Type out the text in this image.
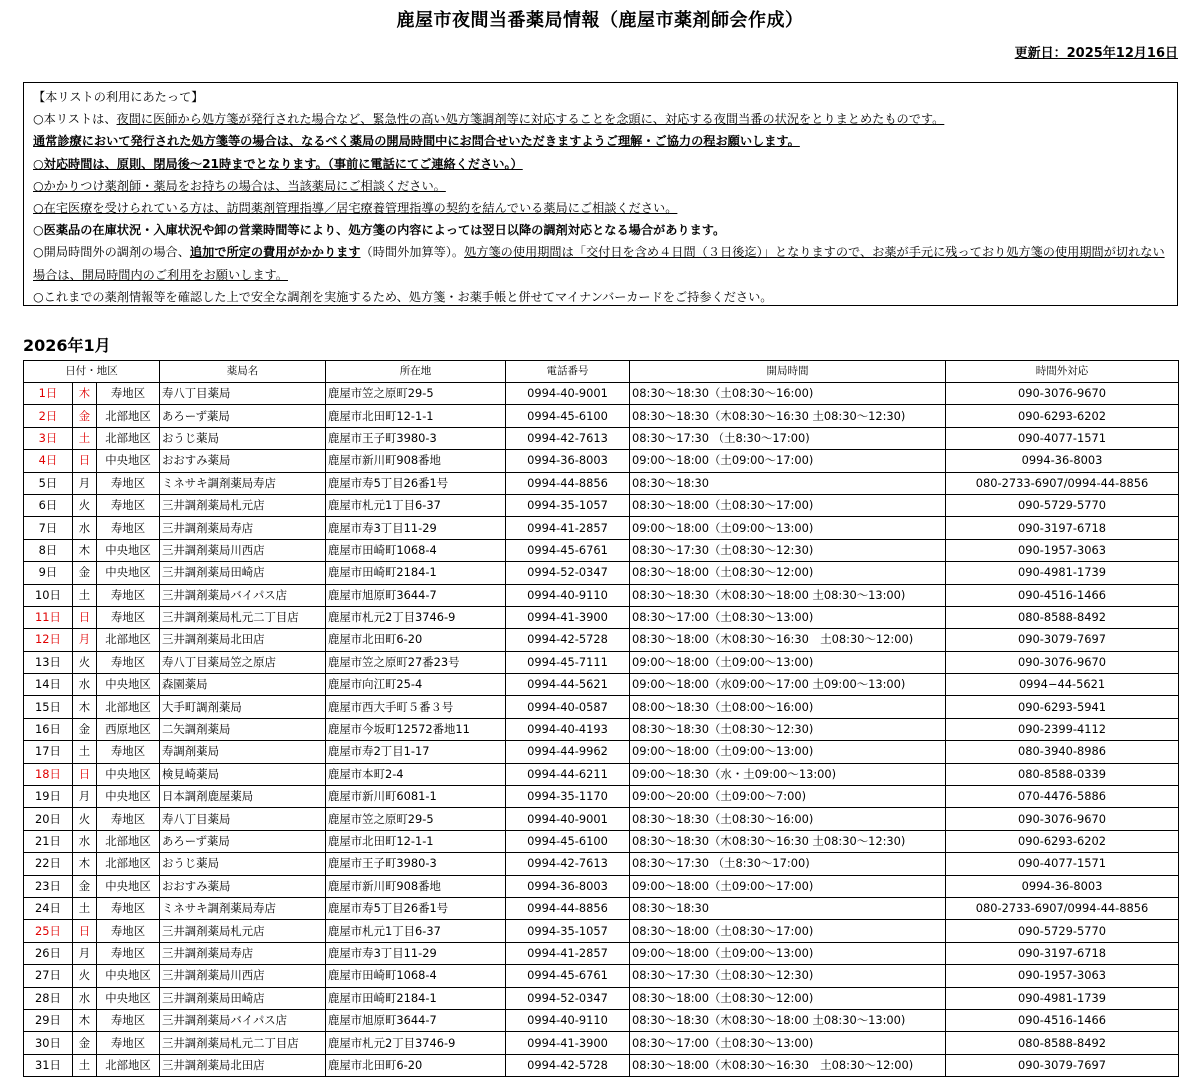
鹿屋市夜間当番薬局情報（鹿屋市薬剤師会作成）
更新日：2025年12月16日

【本リストの利用にあたって】

○本リストは、夜間に医師から処方箋が発行された場合など、緊急性の高い処方箋調剤等に対応することを念頭に、対応する夜間当番の状況をとりまとめたものです。

通常診療において発行された処方箋等の場合は、なるべく薬局の開局時間中にお問合せいただきますようご理解・ご協力の程お願いします。

○対応時間は、原則、閉局後～21時までとなります。（事前に電話にてご連絡ください。）

○かかりつけ薬剤師・薬局をお持ちの場合は、当該薬局にご相談ください。

○在宅医療を受けられている方は、訪問薬剤管理指導／居宅療養管理指導の契約を結んでいる薬局にご相談ください。

○医薬品の在庫状況・入庫状況や卸の営業時間等により、処方箋の内容によっては翌日以降の調剤対応となる場合があります。

○開局時間外の調剤の場合、追加で所定の費用がかかります（時間外加算等）。処方箋の使用期間は「交付日を含め４日間（３日後迄）」となりますので、お薬が手元に残っており処方箋の使用期間が切れない場合は、開局時間内のご利用をお願いします。

○これまでの薬剤情報等を確認した上で安全な調剤を実施するため、処方箋・お薬手帳と併せてマイナンバーカードをご持参ください。

2026年1月
日付・地区			薬局名	所在地	電話番号	開局時間	時間外対応
1日	木	寿地区	寿八丁目薬局	鹿屋市笠之原町29-5	0994-40-9001	08:30～18:30（土08:30～16:00)	090-3076-9670
2日	金	北部地区	あろーず薬局	鹿屋市北田町12-1-1	0994-45-6100	08:30～18:30（木08:30～16:30 土08:30～12:30)	090-6293-6202
3日	土	北部地区	おうじ薬局	鹿屋市王子町3980-3	0994-42-7613	08:30～17:30 （土8:30～17:00)	090-4077-1571
4日	日	中央地区	おおすみ薬局	鹿屋市新川町908番地	0994-36-8003	09:00～18:00（土09:00～17:00)	0994-36-8003
5日	月	寿地区	ミネサキ調剤薬局寿店	鹿屋市寿5丁目26番1号	0994-44-8856	08:30～18:30	080-2733-6907/0994-44-8856
6日	火	寿地区	三井調剤薬局札元店	鹿屋市札元1丁目6-37	0994-35-1057	08:30～18:00（土08:30～17:00)	090-5729-5770
7日	水	寿地区	三井調剤薬局寿店	鹿屋市寿3丁目11-29	0994-41-2857	09:00～18:00（土09:00～13:00)	090-3197-6718
8日	木	中央地区	三井調剤薬局川西店	鹿屋市田崎町1068-4	0994-45-6761	08:30～17:30（土08:30～12:30)	090-1957-3063
9日	金	中央地区	三井調剤薬局田崎店	鹿屋市田崎町2184-1	0994-52-0347	08:30～18:00（土08:30～12:00)	090-4981-1739
10日	土	寿地区	三井調剤薬局バイパス店	鹿屋市旭原町3644-7	0994-40-9110	08:30～18:30（木08:30～18:00 土08:30～13:00)	090-4516-1466
11日	日	寿地区	三井調剤薬局札元二丁目店	鹿屋市札元2丁目3746-9	0994-41-3900	08:30～17:00（土08:30～13:00)	080-8588-8492
12日	月	北部地区	三井調剤薬局北田店	鹿屋市北田町6-20	0994-42-5728	08:30～18:00（木08:30～16:30　土08:30～12:00)	090-3079-7697
13日	火	寿地区	寿八丁目薬局笠之原店	鹿屋市笠之原町27番23号	0994-45-7111	09:00～18:00（土09:00～13:00)	090-3076-9670
14日	水	中央地区	森園薬局	鹿屋市向江町25-4	0994-44-5621	09:00～18:00（水09:00～17:00 土09:00～13:00)	0994−44-5621
15日	木	北部地区	大手町調剤薬局	鹿屋市西大手町５番３号	0994-40-0587	08:00～18:30（土08:00～16:00)	090-6293-5941
16日	金	西原地区	二矢調剤薬局	鹿屋市今坂町12572番地11	0994-40-4193	08:30～18:30（土08:30～12:30)	090-2399-4112
17日	土	寿地区	寿調剤薬局	鹿屋市寿2丁目1-17	0994-44-9962	09:00～18:00（土09:00～13:00)	080-3940-8986
18日	日	中央地区	検見崎薬局	鹿屋市本町2-4	0994-44-6211	09:00～18:30（水・土09:00～13:00)	080-8588-0339
19日	月	中央地区	日本調剤鹿屋薬局	鹿屋市新川町6081-1	0994-35-1170	09:00～20:00（土09:00～7:00)	070-4476-5886
20日	火	寿地区	寿八丁目薬局	鹿屋市笠之原町29-5	0994-40-9001	08:30～18:30（土08:30～16:00)	090-3076-9670
21日	水	北部地区	あろーず薬局	鹿屋市北田町12-1-1	0994-45-6100	08:30～18:30（木08:30～16:30 土08:30～12:30)	090-6293-6202
22日	木	北部地区	おうじ薬局	鹿屋市王子町3980-3	0994-42-7613	08:30～17:30 （土8:30～17:00)	090-4077-1571
23日	金	中央地区	おおすみ薬局	鹿屋市新川町908番地	0994-36-8003	09:00～18:00（土09:00～17:00)	0994-36-8003
24日	土	寿地区	ミネサキ調剤薬局寿店	鹿屋市寿5丁目26番1号	0994-44-8856	08:30～18:30	080-2733-6907/0994-44-8856
25日	日	寿地区	三井調剤薬局札元店	鹿屋市札元1丁目6-37	0994-35-1057	08:30～18:00（土08:30～17:00)	090-5729-5770
26日	月	寿地区	三井調剤薬局寿店	鹿屋市寿3丁目11-29	0994-41-2857	09:00～18:00（土09:00～13:00)	090-3197-6718
27日	火	中央地区	三井調剤薬局川西店	鹿屋市田崎町1068-4	0994-45-6761	08:30～17:30（土08:30～12:30)	090-1957-3063
28日	水	中央地区	三井調剤薬局田崎店	鹿屋市田崎町2184-1	0994-52-0347	08:30～18:00（土08:30～12:00)	090-4981-1739
29日	木	寿地区	三井調剤薬局バイパス店	鹿屋市旭原町3644-7	0994-40-9110	08:30～18:30（木08:30～18:00 土08:30～13:00)	090-4516-1466
30日	金	寿地区	三井調剤薬局札元二丁目店	鹿屋市札元2丁目3746-9	0994-41-3900	08:30～17:00（土08:30～13:00)	080-8588-8492
31日	土	北部地区	三井調剤薬局北田店	鹿屋市北田町6-20	0994-42-5728	08:30～18:00（木08:30～16:30　土08:30～12:00)	090-3079-7697
